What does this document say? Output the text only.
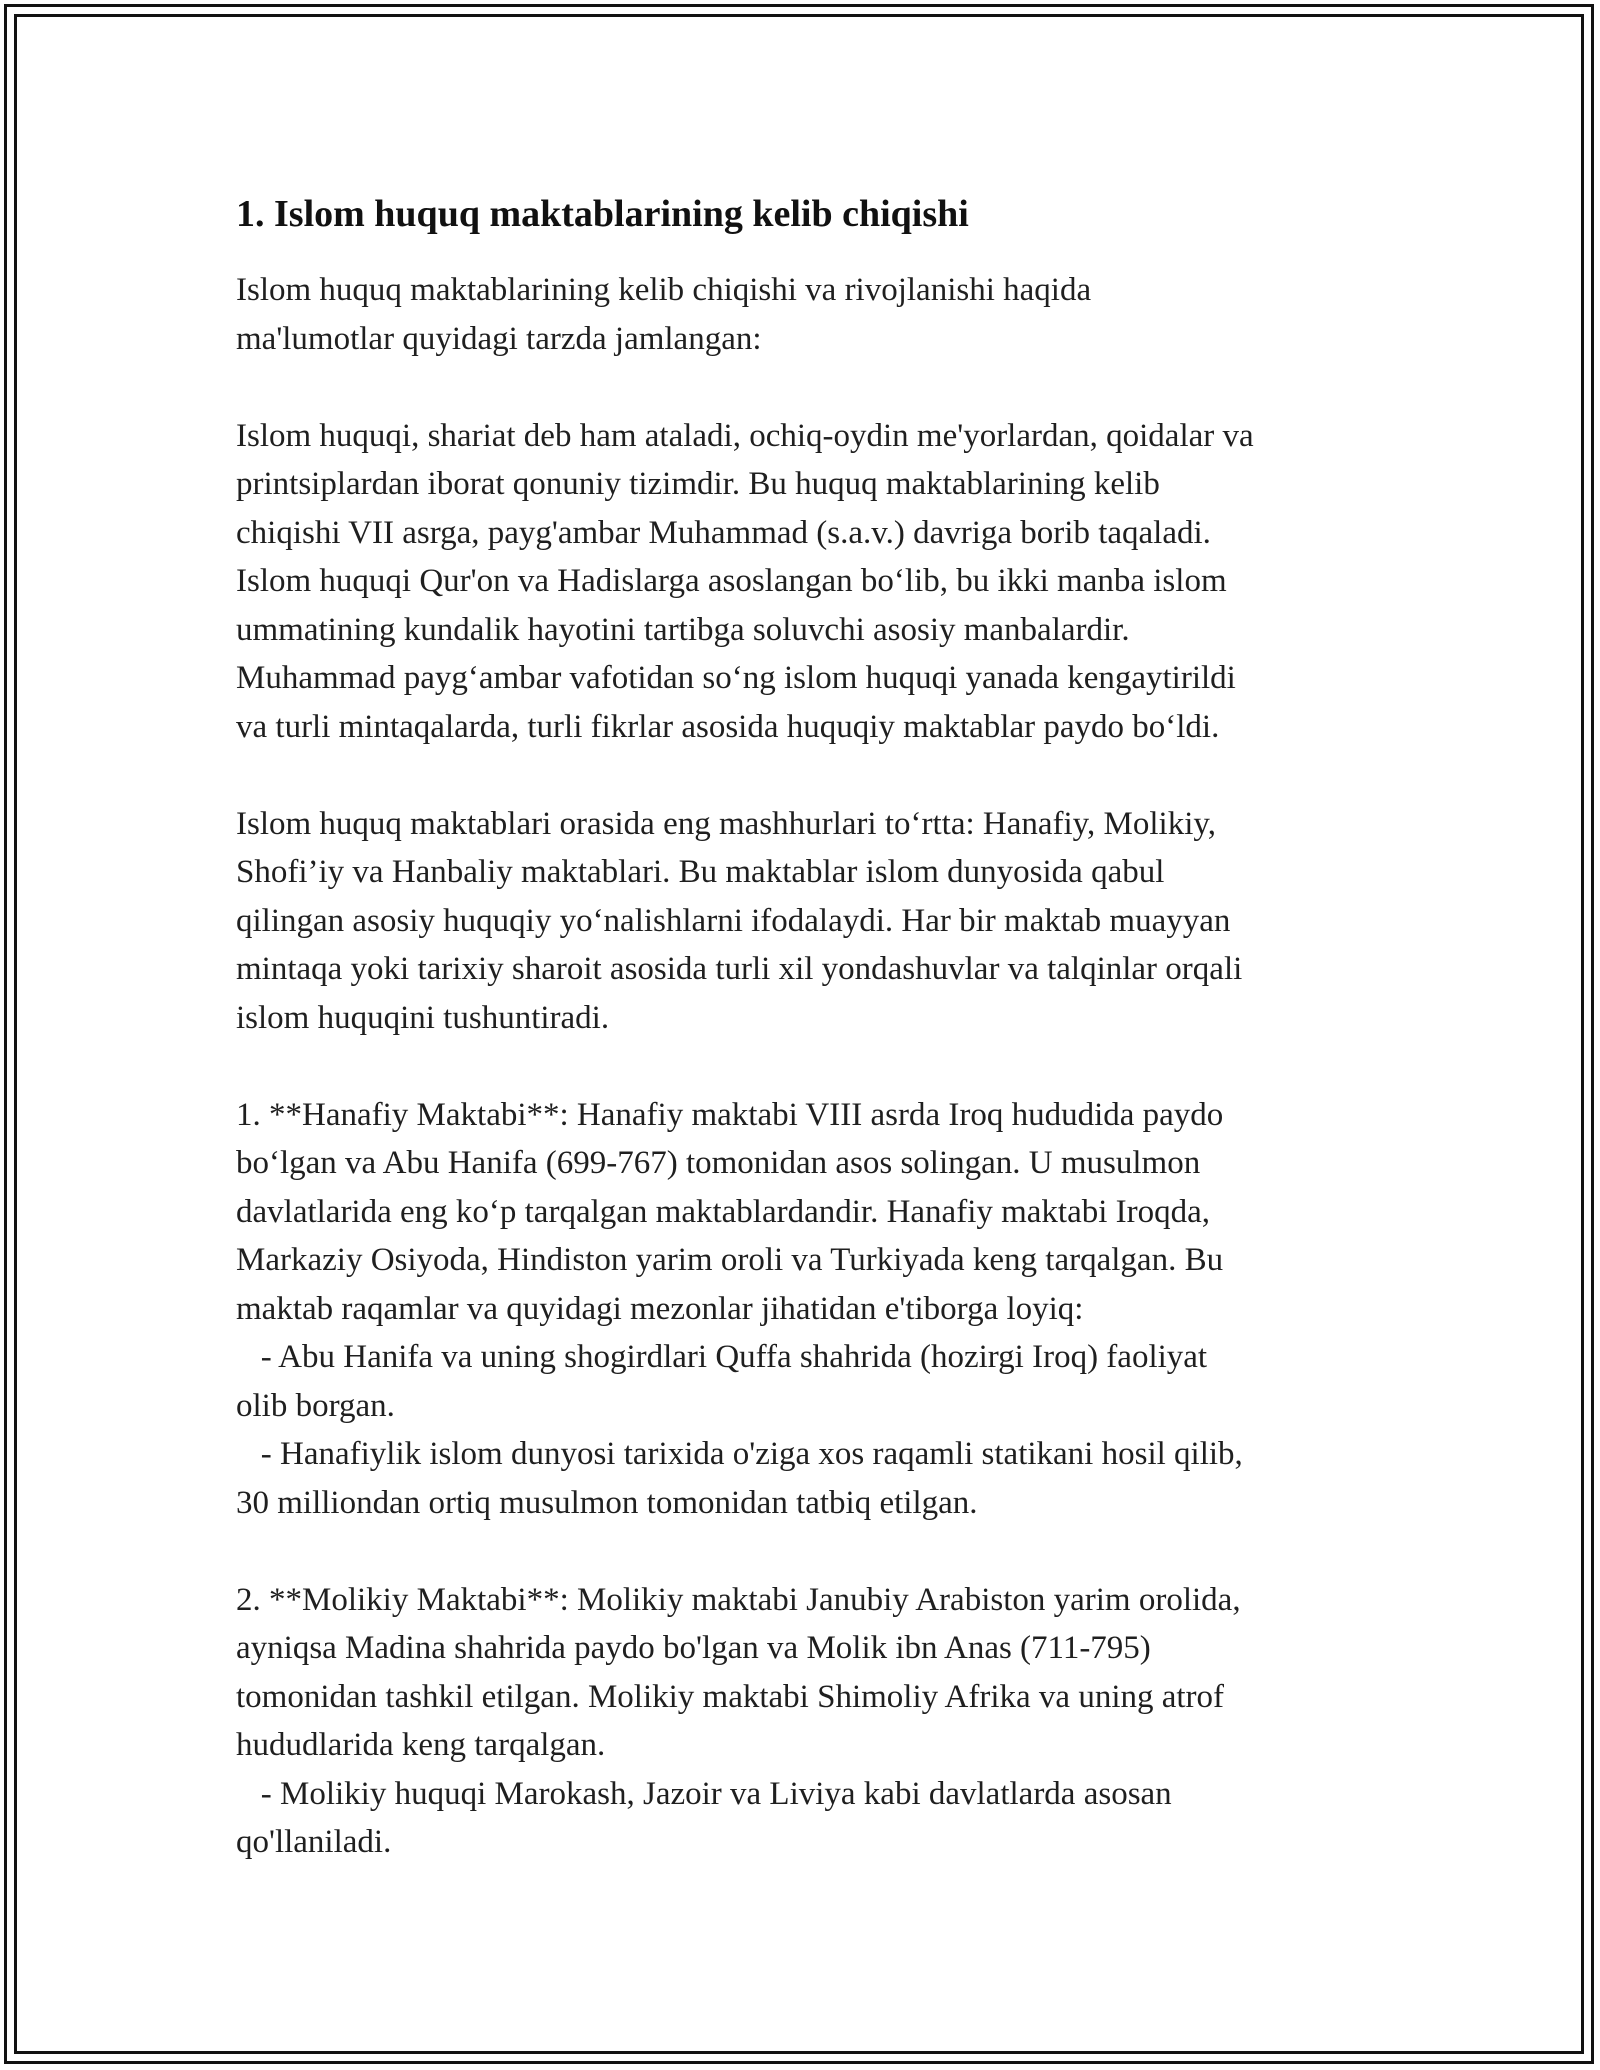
1. Islom huquq maktablarining kelib chiqishi

Islom huquq maktablarining kelib chiqishi va rivojlanishi haqida
ma'lumotlar quyidagi tarzda jamlangan:

Islom huquqi, shariat deb ham ataladi, ochiq-oydin me'yorlardan, qoidalar va
printsiplardan iborat qonuniy tizimdir. Bu huquq maktablarining kelib
chiqishi VII asrga, payg'ambar Muhammad (s.a.v.) davriga borib taqaladi.
Islom huquqi Qur'on va Hadislarga asoslangan bo‘lib, bu ikki manba islom
ummatining kundalik hayotini tartibga soluvchi asosiy manbalardir.
Muhammad payg‘ambar vafotidan so‘ng islom huquqi yanada kengaytirildi
va turli mintaqalarda, turli fikrlar asosida huquqiy maktablar paydo bo‘ldi.

Islom huquq maktablari orasida eng mashhurlari to‘rtta: Hanafiy, Molikiy,
Shofi’iy va Hanbaliy maktablari. Bu maktablar islom dunyosida qabul
qilingan asosiy huquqiy yo‘nalishlarni ifodalaydi. Har bir maktab muayyan
mintaqa yoki tarixiy sharoit asosida turli xil yondashuvlar va talqinlar orqali
islom huquqini tushuntiradi.

1. **Hanafiy Maktabi**: Hanafiy maktabi VIII asrda Iroq hududida paydo
bo‘lgan va Abu Hanifa (699-767) tomonidan asos solingan. U musulmon
davlatlarida eng ko‘p tarqalgan maktablardandir. Hanafiy maktabi Iroqda,
Markaziy Osiyoda, Hindiston yarim oroli va Turkiyada keng tarqalgan. Bu
maktab raqamlar va quyidagi mezonlar jihatidan e'tiborga loyiq:
- Abu Hanifa va uning shogirdlari Quffa shahrida (hozirgi Iroq) faoliyat
olib borgan.
- Hanafiylik islom dunyosi tarixida o'ziga xos raqamli statikani hosil qilib,
30 milliondan ortiq musulmon tomonidan tatbiq etilgan.

2. **Molikiy Maktabi**: Molikiy maktabi Janubiy Arabiston yarim orolida,
ayniqsa Madina shahrida paydo bo'lgan va Molik ibn Anas (711-795)
tomonidan tashkil etilgan. Molikiy maktabi Shimoliy Afrika va uning atrof
hududlarida keng tarqalgan.
- Molikiy huquqi Marokash, Jazoir va Liviya kabi davlatlarda asosan
qo'llaniladi.
